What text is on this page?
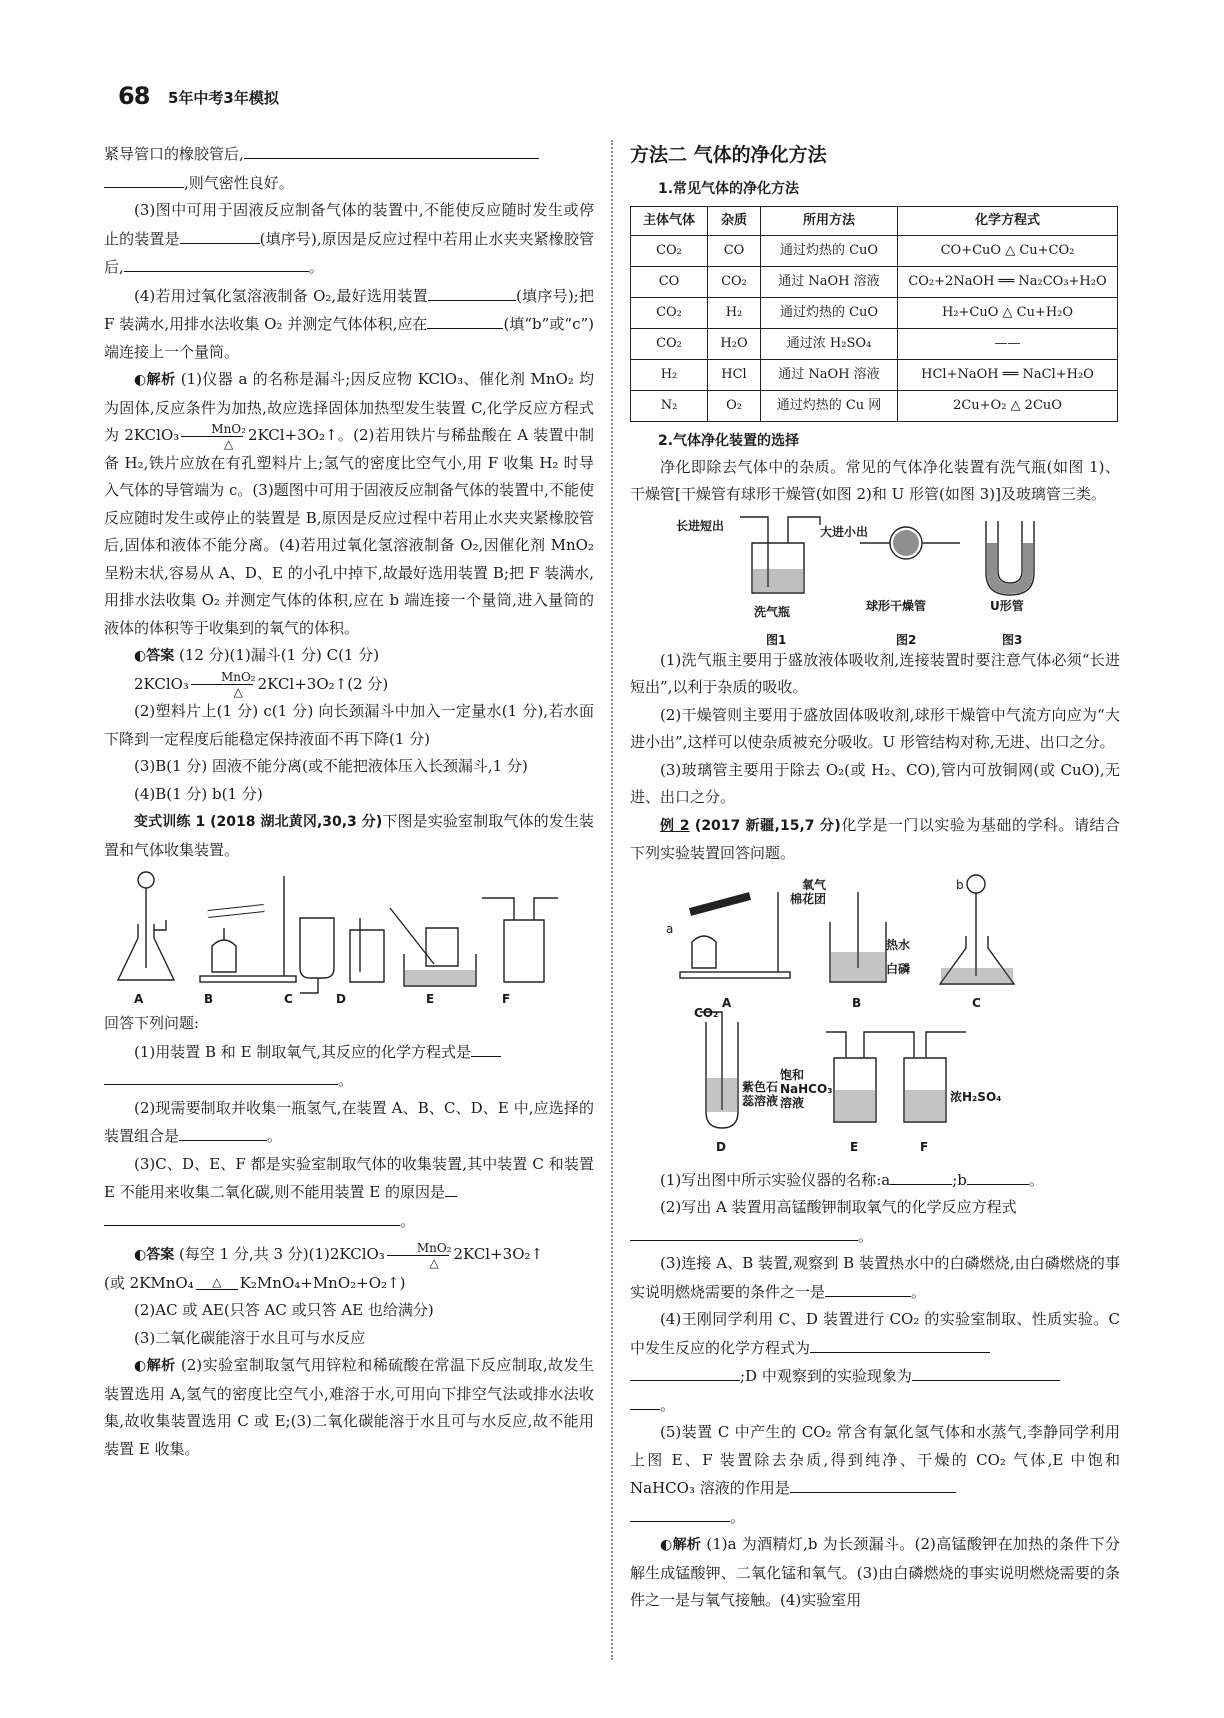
68 5年中考3年模拟

紧导管口的橡胶管后,

,则气密性良好。

(3)图中可用于固液反应制备气体的装置中,不能使反应随时发生或停止的装置是	(填序号),原因是反应过程中若用止水夹夹紧橡胶管后,	。

(4)若用过氧化氢溶液制备 O₂,最好选用装置	(填序号);把 F 装满水,用排水法收集 O₂ 并测定气体体积,应在	(填“b”或“c”)端连接上一个量筒。

◐解析 (1)仪器 a 的名称是漏斗;因反应物 KClO₃、催化剂 MnO₂ 均为固体,反应条件为加热,故应选择固体加热型发生装置 C,化学反应方程式为 2KClO₃ $\frac{\text{MnO₂}}{\triangle}$ 2KCl+3O₂↑。(2)若用铁片与稀盐酸在 A 装置中制备 H₂,铁片应放在有孔塑料片上;氢气的密度比空气小,用 F 收集 H₂ 时导入气体的导管端为 c。(3)题图中可用于固液反应制备气体的装置中,不能使反应随时发生或停止的装置是 B,原因是反应过程中若用止水夹夹紧橡胶管后,固体和液体不能分离。(4)若用过氧化氢溶液制备 O₂,因催化剂 MnO₂ 呈粉末状,容易从 A、D、E 的小孔中掉下,故最好选用装置 B;把 F 装满水,用排水法收集 O₂ 并测定气体的体积,应在 b 端连接一个量筒,进入量筒的液体的体积等于收集到的氧气的体积。

◐答案 (12 分)(1)漏斗(1 分) C(1 分)

2KClO₃ $\frac{\text{MnO₂}}{\triangle}$ 2KCl+3O₂↑(2 分)

(2)塑料片上(1 分) c(1 分) 向长颈漏斗中加入一定量水(1 分),若水面下降到一定程度后能稳定保持液面不再下降(1 分)

(3)B(1 分) 固液不能分离(或不能把液体压入长颈漏斗,1 分)

(4)B(1 分) b(1 分)

变式训练 1 (2018 湖北黄冈,30,3 分)下图是实验室制取气体的发生装置和气体收集装置。

A	B	C	D	E	F

回答下列问题:

(1)用装置 B 和 E 制取氧气,其反应的化学方程式是
。

(2)现需要制取并收集一瓶氢气,在装置 A、B、C、D、E 中,应选择的装置组合是	。

(3)C、D、E、F 都是实验室制取气体的收集装置,其中装置 C 和装置 E 不能用来收集二氧化碳,则不能用装置 E 的原因是
。

◐答案 (每空 1 分,共 3 分)(1)2KClO₃ $\frac{\text{MnO₂}}{\triangle}$ 2KCl+3O₂↑

(或 2KMnO₄	△	K₂MnO₄+MnO₂+O₂↑)

(2)AC 或 AE(只答 AC 或只答 AE 也给满分)

(3)二氧化碳能溶于水且可与水反应

◐解析 (2)实验室制取氢气用锌粒和稀硫酸在常温下反应制取,故发生装置选用 A,氢气的密度比空气小,难溶于水,可用向下排空气法或排水法收集,故收集装置选用 C 或 E;(3)二氧化碳能溶于水且可与水反应,故不能用装置 E 收集。

方法二 气体的净化方法
1.常见气体的净化方法
主体气体	杂质	所用方法	化学方程式
CO₂	CO	通过灼热的 CuO	CO+CuO △ Cu+CO₂
CO	CO₂	通过 NaOH 溶液	CO₂+2NaOH ══ Na₂CO₃+H₂O
CO₂	H₂	通过灼热的 CuO	H₂+CuO △ Cu+H₂O
CO₂	H₂O	通过浓 H₂SO₄	——
H₂	HCl	通过 NaOH 溶液	HCl+NaOH ══ NaCl+H₂O
N₂	O₂	通过灼热的 Cu 网	2Cu+O₂ △ 2CuO
2.气体净化装置的选择

净化即除去气体中的杂质。常见的气体净化装置有洗气瓶(如图 1)、干燥管[干燥管有球形干燥管(如图 2)和 U 形管(如图 3)]及玻璃管三类。

长进短出	大进小出
洗气瓶	球形干燥管	U形管
图1	图2	图3

(1)洗气瓶主要用于盛放液体吸收剂,连接装置时要注意气体必须“长进短出”,以利于杂质的吸收。

(2)干燥管则主要用于盛放固体吸收剂,球形干燥管中气流方向应为“大进小出”,这样可以使杂质被充分吸收。U 形管结构对称,无进、出口之分。

(3)玻璃管主要用于除去 O₂(或 H₂、CO),管内可放铜网(或 CuO),无进、出口之分。

例 2 (2017 新疆,15,7 分)化学是一门以实验为基础的学科。请结合下列实验装置回答问题。

a
棉花团
氧气
热水
白磷
b
A	B	C
CO₂
紫色石蕊溶液
饱和NaHCO₃溶液	浓H₂SO₄
D	E	F

(1)写出图中所示实验仪器的名称:a	;b	。

(2)写出 A 装置用高锰酸钾制取氧气的化学反应方程式
。

(3)连接 A、B 装置,观察到 B 装置热水中的白磷燃烧,由白磷燃烧的事实说明燃烧需要的条件之一是	。

(4)王刚同学利用 C、D 装置进行 CO₂ 的实验室制取、性质实验。C 中发生反应的化学方程式为
;D 中观察到的实验现象为
。

(5)装置 C 中产生的 CO₂ 常含有氯化氢气体和水蒸气,李静同学利用上图 E、F 装置除去杂质,得到纯净、干燥的 CO₂ 气体,E 中饱和 NaHCO₃ 溶液的作用是
。

◐解析 (1)a 为酒精灯,b 为长颈漏斗。(2)高锰酸钾在加热的条件下分解生成锰酸钾、二氧化锰和氧气。(3)由白磷燃烧的事实说明燃烧需要的条件之一是与氧气接触。(4)实验室用
